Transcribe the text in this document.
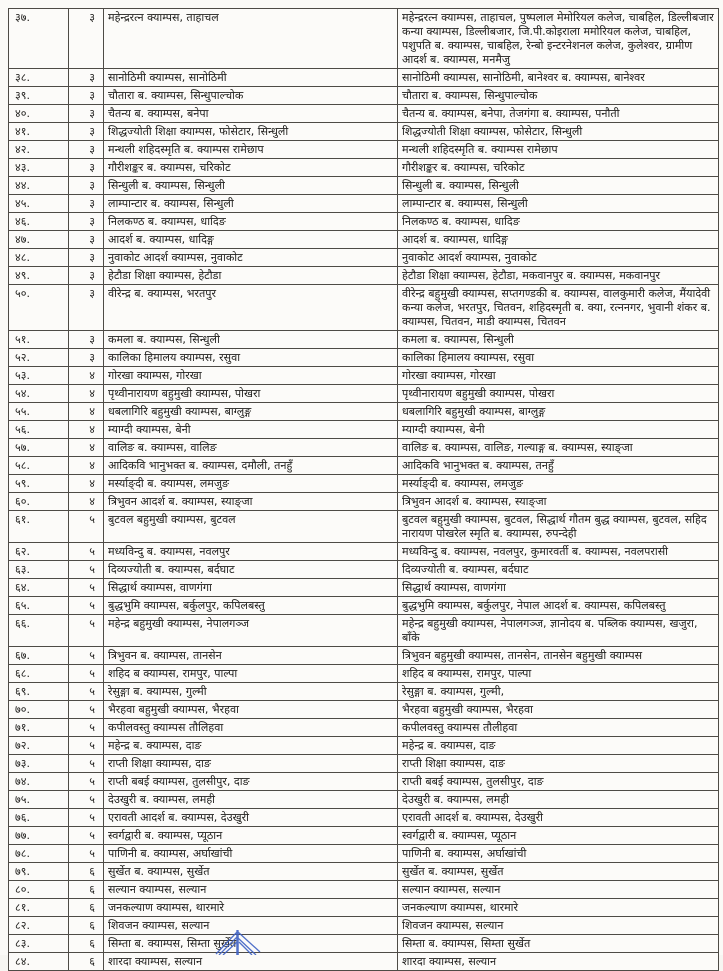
३७.	३	महेन्द्ररत्न क्याम्पस, ताहाचल	महेन्द्ररत्न क्याम्पस, ताहाचल, पुष्पलाल मेमोरियल कलेज, चाबहिल, डिल्लीबजार कन्या क्याम्पस, डिल्लीबजार, जि.पी.कोइराला ममोरियल कलेज, चाबहिल, पशुपति ब. क्याम्पस, चाबहिल, रेन्बो इन्टरनेशनल कलेज, कुलेश्वर, ग्रामीण आदर्श ब. क्याम्पस, मनमैजु
३८.	३	सानोठिमी क्याम्पस, सानोठिमी	सानोठिमी क्याम्पस, सानोठिमी, बानेश्वर ब. क्याम्पस, बानेश्वर
३९.	३	चौतारा ब. क्याम्पस, सिन्धुपाल्चोक	चौतारा ब. क्याम्पस, सिन्धुपाल्चोक
४०.	३	चैतन्य ब. क्याम्पस, बनेपा	चैतन्य ब. क्याम्पस, बनेपा, तेजगंगा ब. क्याम्पस, पनौती
४१.	३	शिद्धज्योती शिक्षा क्याम्पस, फोसेटार, सिन्धुली	शिद्धज्योती शिक्षा क्याम्पस, फोसेटार, सिन्धुली
४२.	३	मन्थली शहिदस्मृति ब. क्याम्पस रामेछाप	मन्थली शहिदस्मृति ब. क्याम्पस रामेछाप
४३.	३	गौरीशङ्कर ब. क्याम्पस, चरिकोट	गौरीशङ्कर ब. क्याम्पस, चरिकोट
४४.	३	सिन्धुली ब. क्याम्पस, सिन्धुली	सिन्धुली ब. क्याम्पस, सिन्धुली
४५.	३	लाम्पान्टार ब. क्याम्पस, सिन्धुली	लाम्पान्टार ब. क्याम्पस, सिन्धुली
४६.	३	निलकण्ठ ब. क्याम्पस, धादिङ	निलकण्ठ ब. क्याम्पस, धादिङ
४७.	३	आदर्श ब. क्याम्पस, धादिङ्ग	आदर्श ब. क्याम्पस, धादिङ्ग
४८.	३	नुवाकोट आदर्श क्याम्पस, नुवाकोट	नुवाकोट आदर्श क्याम्पस, नुवाकोट
४९.	३	हेटौडा शिक्षा क्याम्पस, हेटौडा	हेटौडा शिक्षा क्याम्पस, हेटौडा, मकवानपुर ब. क्याम्पस, मकवानपुर
५०.	३	वीरेन्द्र ब. क्याम्पस, भरतपुर	वीरेन्द्र बहुमुखी क्याम्पस, सप्तगण्डकी ब. क्याम्पस, वालकुमारी कलेज, मैंयादेवी कन्या कलेज, भरतपुर, चितवन, शहिदस्मृती ब. क्या, रत्ननगर, भुवानी शंकर ब. क्याम्पस, चितवन, माडी क्याम्पस, चितवन
५१.	३	कमला ब. क्याम्पस, सिन्धुली	कमला ब. क्याम्पस, सिन्धुली
५२.	३	कालिका हिमालय क्याम्पस, रसुवा	कालिका हिमालय क्याम्पस, रसुवा
५३.	४	गोरखा क्याम्पस, गोरखा	गोरखा क्याम्पस, गोरखा
५४.	४	पृथ्वीनारायण बहुमुखी क्याम्पस, पोखरा	पृथ्वीनारायण बहुमुखी क्याम्पस, पोखरा
५५.	४	धबलागिरि बहुमुखी क्याम्पस, बाग्लुङ्ग	धबलागिरि बहुमुखी क्याम्पस, बाग्लुङ्ग
५६.	४	म्याग्दी क्याम्पस, बेनी	म्याग्दी क्याम्पस, बेनी
५७.	४	वालिङ ब. क्याम्पस, वालिङ	वालिङ ब. क्याम्पस, वालिङ, गल्याङ्ग ब. क्याम्पस, स्याङ्जा
५८.	४	आदिकवि भानुभक्त ब. क्याम्पस, दमौली, तनहुँ	आदिकवि भानुभक्त ब. क्याम्पस, तनहुँ
५९.	४	मर्स्याङ्दी ब. क्याम्पस, लमजुङ	मर्स्याङ्दी ब. क्याम्पस, लमजुङ
६०.	४	त्रिभुवन आदर्श ब. क्याम्पस, स्याङ्जा	त्रिभुवन आदर्श ब. क्याम्पस, स्याङ्जा
६१.	५	बुटवल बहुमुखी क्याम्पस, बुटवल	बुटवल बहुमुखी क्याम्पस, बुटवल, सिद्धार्थ गौतम बुद्ध क्याम्पस, बुटवल, सहिद नारायण पोखरेल स्मृति ब. क्याम्पस, रुपन्देही
६२.	५	मध्यविन्दु ब. क्याम्पस, नवलपुर	मध्यविन्दु ब. क्याम्पस, नवलपुर, कुमारवर्ती ब. क्याम्पस, नवलपरासी
६३.	५	दिव्यज्योती ब. क्याम्पस, बर्दघाट	दिव्यज्योती ब. क्याम्पस, बर्दघाट
६४.	५	सिद्धार्थ क्याम्पस, वाणगंगा	सिद्धार्थ क्याम्पस, वाणगंगा
६५.	५	बुद्धभुमि क्याम्पस, बर्कुलपुर, कपिलबस्तु	बुद्धभुमि क्याम्पस, बर्कुलपुर, नेपाल आदर्श ब. क्याम्पस, कपिलबस्तु
६६.	५	महेन्द्र बहुमुखी क्याम्पस, नेपालगञ्ज	महेन्द्र बहुमुखी क्याम्पस, नेपालगञ्ज, ज्ञानोदय ब. पब्लिक क्याम्पस, खजुरा, बाँके
६७.	५	त्रिभुवन ब. क्याम्पस, तानसेन	त्रिभुवन बहुमुखी क्याम्पस, तानसेन, तानसेन बहुमुखी क्याम्पस
६८.	५	शहिद ब क्याम्पस, रामपुर, पाल्पा	शहिद ब क्याम्पस, रामपुर, पाल्पा
६९.	५	रेसुङ्गा ब. क्याम्पस, गुल्मी	रेसुङ्गा ब. क्याम्पस, गुल्मी,
७०.	५	भैरहवा बहुमुखी क्याम्पस, भैरहवा	भैरहवा बहुमुखी क्याम्पस, भैरहवा
७१.	५	कपीलवस्तु क्याम्पस तौलिहवा	कपीलवस्तु क्याम्पस तौलीहवा
७२.	५	महेन्द्र ब. क्याम्पस, दाङ	महेन्द्र ब. क्याम्पस, दाङ
७३.	५	राप्ती शिक्षा क्याम्पस, दाङ	राप्ती शिक्षा क्याम्पस, दाङ
७४.	५	राप्ती बबई क्याम्पस, तुलसीपुर, दाङ	राप्ती बबई क्याम्पस, तुलसीपुर, दाङ
७५.	५	देउखुरी ब. क्याम्पस, लमही	देउखुरी ब. क्याम्पस, लमही
७६.	५	एरावती आदर्श ब. क्याम्पस, देउखुरी	एरावती आदर्श ब. क्याम्पस, देउखुरी
७७.	५	स्वर्गद्वारी ब. क्याम्पस, प्यूठान	स्वर्गद्वारी ब. क्याम्पस, प्यूठान
७८.	५	पाणिनी ब. क्याम्पस, अर्घाखांची	पाणिनी ब. क्याम्पस, अर्घाखांची
७९.	६	सुर्खेत ब. क्याम्पस, सुर्खेत	सुर्खेत ब. क्याम्पस, सुर्खेत
८०.	६	सल्यान क्याम्पस, सल्यान	सल्यान क्याम्पस, सल्यान
८१.	६	जनकल्याण क्याम्पस, थारमारे	जनकल्याण क्याम्पस, थारमारे
८२.	६	शिवजन क्याम्पस, सल्यान	शिवजन क्याम्पस, सल्यान
८३.	६	सिम्ता ब. क्याम्पस, सिम्ता सुर्खेत	सिम्ता ब. क्याम्पस, सिम्ता सुर्खेत
८४.	६	शारदा क्याम्पस, सल्यान	शारदा क्याम्पस, सल्यान
